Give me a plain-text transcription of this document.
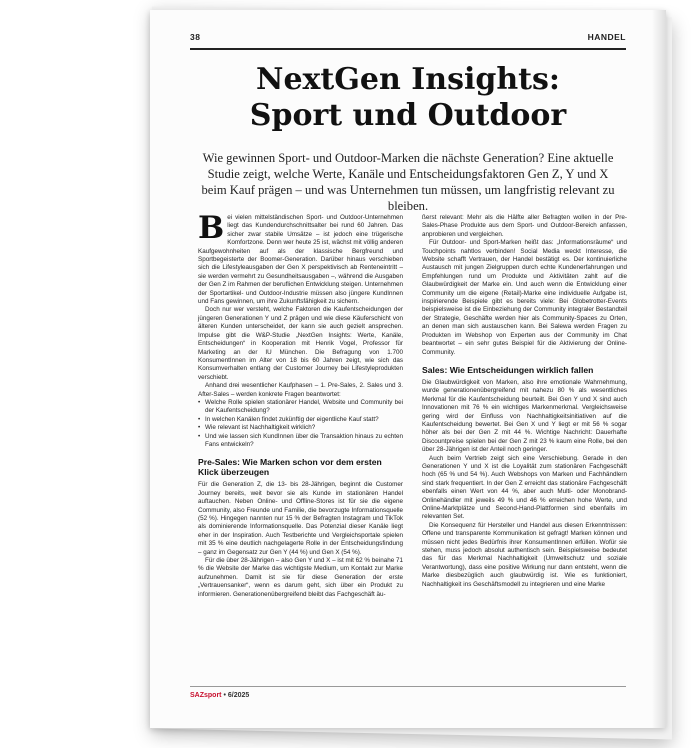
38	HANDEL
NextGen Insights:
Sport und Outdoor
Wie gewinnen Sport- und Outdoor-Marken die nächste Generation? Eine aktuelle Studie zeigt, welche Werte, Kanäle und Entscheidungsfaktoren Gen Z, Y und X beim Kauf prägen – und was Unternehmen tun müssen, um langfristig relevant zu bleiben.

Bei vielen mittelständischen Sport- und Outdoor-Unternehmen liegt das Kundendurchschnittsalter bei rund 60 Jahren. Das sicher zwar stabile Umsätze – ist jedoch eine trügerische Komfortzone. Denn wer heute 25 ist, wächst mit völlig anderen Kaufgewohnheiten auf als der klassische Bergfreund und Sportbegeisterte der Boomer-Generation. Darüber hinaus verschieben sich die Lifestyleausgaben der Gen X perspektivisch ab Renteneintritt – sie werden vermehrt zu Gesundheitsausgaben –, während die Ausgaben der Gen Z im Rahmen der beruflichen Entwicklung steigen. Unternehmen der Sportartikel- und Outdoor-Industrie müssen also jüngere KundInnen und Fans gewinnen, um ihre Zukunftsfähigkeit zu sichern.

Doch nur wer versteht, welche Faktoren die Kaufentscheidungen der jüngeren Generationen Y und Z prägen und wie diese Käuferschicht von älteren Kunden unterscheidet, der kann sie auch gezielt ansprechen. Impulse gibt die W&P-Studie „NextGen Insights: Werte, Kanäle, Entscheidungen“ in Kooperation mit Henrik Vogel, Professor für Marketing an der IU München. Die Befragung von 1.700 KonsumentInnen im Alter von 18 bis 60 Jahren zeigt, wie sich das Konsumverhalten entlang der Customer Journey bei Lifestyleprodukten verschiebt.

Anhand drei wesentlicher Kaufphasen – 1. Pre-Sales, 2. Sales und 3. After-Sales – werden konkrete Fragen beantwortet:

• Welche Rolle spielen stationärer Handel, Website und Community bei der Kaufentscheidung?
• In welchen Kanälen findet zukünftig der eigentliche Kauf statt?
• Wie relevant ist Nachhaltigkeit wirklich?
• Und wie lassen sich KundInnen über die Transaktion hinaus zu echten Fans entwickeln?
Pre-Sales: Wie Marken schon vor dem ersten Klick überzeugen

Für die Generation Z, die 13- bis 28-Jährigen, beginnt die Customer Journey bereits, weit bevor sie als Kunde im stationären Handel auftauchen. Neben Online- und Offline-Stores ist für sie die eigene Community, also Freunde und Familie, die bevorzugte Informationsquelle (52 %). Hingegen nannten nur 15 % der Befragten Instagram und TikTok als dominierende Informationsquelle. Das Potenzial dieser Kanäle liegt eher in der Inspiration. Auch Testberichte und Vergleichsportale spielen mit 35 % eine deutlich nachgelagerte Rolle in der Entscheidungsfindung – ganz im Gegensatz zur Gen Y (44 %) und Gen X (54 %).

Für die über 28-Jährigen – also Gen Y und X – ist mit 62 % beinahe 71 % die Website der Marke das wichtigste Medium, um Kontakt zur Marke aufzunehmen. Damit ist sie für diese Generation der erste „Vertrauensanker“, wenn es darum geht, sich über ein Produkt zu informieren. Generationenübergreifend bleibt das Fachgeschäft äu-

ßerst relevant: Mehr als die Hälfte aller Befragten wollen in der Pre-Sales-Phase Produkte aus dem Sport- und Outdoor-Bereich anfassen, anprobieren und vergleichen.

Für Outdoor- und Sport-Marken heißt das: „Informationsräume“ und Touchpoints nahtlos verbinden! Social Media weckt Interesse, die Website schafft Vertrauen, der Handel bestätigt es. Der kontinuierliche Austausch mit jungen Zielgruppen durch echte Kundenerfahrungen und Empfehlungen rund um Produkte und Aktivitäten zahlt auf die Glaubwürdigkeit der Marke ein. Und auch wenn die Entwicklung einer Community um die eigene (Retail)-Marke eine individuelle Aufgabe ist, inspirierende Beispiele gibt es bereits viele: Bei Globetrotter-Events beispielsweise ist die Einbeziehung der Community integraler Bestandteil der Strategie, Geschäfte werden hier als Community-Spaces zu Orten, an denen man sich austauschen kann. Bei Salewa werden Fragen zu Produkten im Webshop von Experten aus der Community im Chat beantwortet – ein sehr gutes Beispiel für die Aktivierung der Online-Community.

Sales: Wie Entscheidungen wirklich fallen

Die Glaubwürdigkeit von Marken, also ihre emotionale Wahrnehmung, wurde generationenübergreifend mit nahezu 80 % als wesentliches Merkmal für die Kaufentscheidung beurteilt. Bei Gen Y und X sind auch Innovationen mit 76 % ein wichtiges Markenmerkmal. Vergleichsweise gering wird der Einfluss von Nachhaltigkeitsinitiativen auf die Kaufentscheidung bewertet. Bei Gen X und Y liegt er mit 56 % sogar höher als bei der Gen Z mit 44 %. Wichtige Nachricht: Dauerhafte Discountpreise spielen bei der Gen Z mit 23 % kaum eine Rolle, bei den über 28-Jährigen ist der Anteil noch geringer.

Auch beim Vertrieb zeigt sich eine Verschiebung. Gerade in den Generationen Y und X ist die Loyalität zum stationären Fachgeschäft hoch (65 % und 54 %). Auch Webshops von Marken und Fachhändlern sind stark frequentiert. In der Gen Z erreicht das stationäre Fachgeschäft ebenfalls einen Wert von 44 %, aber auch Multi- oder Monobrand-Onlinehändler mit jeweils 49 % und 46 % erreichen hohe Werte, und Online-Marktplätze und Second-Hand-Plattformen sind ebenfalls im relevanten Set.

Die Konsequenz für Hersteller und Handel aus diesen Erkenntnissen: Offene und transparente Kommunikation ist gefragt! Marken können und müssen nicht jedes Bedürfnis ihrer KonsumentInnen erfüllen. Wofür sie stehen, muss jedoch absolut authentisch sein. Beispielsweise bedeutet das für das Merkmal Nachhaltigkeit (Umweltschutz und soziale Verantwortung), dass eine positive Wirkung nur dann entsteht, wenn die Marke diesbezüglich auch glaubwürdig ist. Wie es funktioniert, Nachhaltigkeit ins Geschäftsmodell zu integrieren und eine Marke

SAZsport • 6/2025
